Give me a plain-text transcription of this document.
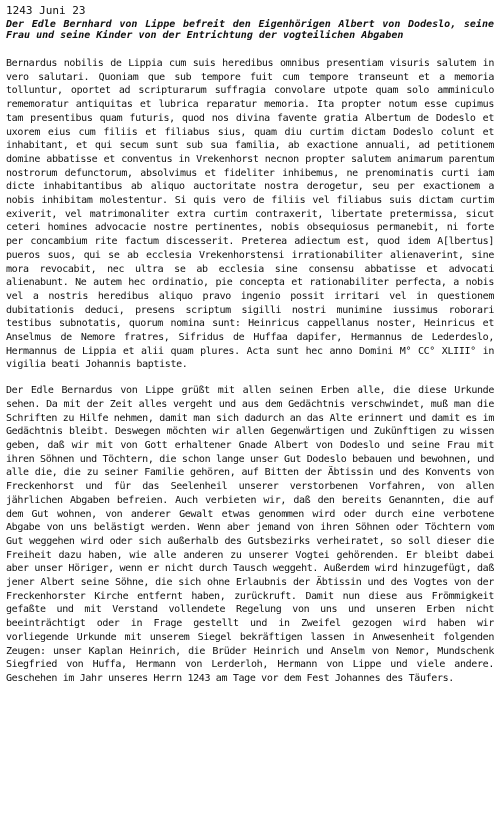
1243 Juni 23
Der Edle Bernhard von Lippe befreit den Eigenhörigen Albert von Dodeslo, seine Frau und seine Kinder von der Entrichtung der vogteilichen Abgaben

Bernardus nobilis de Lippia cum suis heredibus omnibus presentiam visuris salutem in vero salutari. Quoniam que sub tempore fuit cum tempore transeunt et a memoria tolluntur, oportet ad scripturarum suffragia convolare utpote quam solo amminiculo rememoratur antiquitas et lubrica reparatur memoria. Ita propter notum esse cupimus tam presentibus quam futuris, quod nos divina favente gratia Albertum de Dodeslo et uxorem eius cum filiis et filiabus sius, quam diu curtim dictam Dodeslo colunt et inhabitant, et qui secum sunt sub sua familia, ab exactione annuali, ad petitionem domine abbatisse et conventus in Vrekenhorst necnon propter salutem animarum parentum nostrorum defunctorum, absolvimus et fideliter inhibemus, ne prenominatis curti iam dicte inhabitantibus ab aliquo auctoritate nostra derogetur, seu per exactionem a nobis inhibitam molestentur. Si quis vero de filiis vel filiabus suis dictam curtim exiverit, vel matrimonaliter extra curtim contraxerit, libertate pretermissa, sicut ceteri homines advocacie nostre pertinentes, nobis obsequiosus permanebit, ni forte per concambium rite factum discesserit. Preterea adiectum est, quod idem A[lbertus] pueros suos, qui se ab ecclesia Vrekenhorstensi irrationabiliter alienaverint, sine mora revocabit, nec ultra se ab ecclesia sine consensu abbatisse et advocati alienabunt. Ne autem hec ordinatio, pie concepta et rationabiliter perfecta, a nobis vel a nostris heredibus aliquo pravo ingenio possit irritari vel in questionem dubitationis deduci, presens scriptum sigilli nostri munimine iussimus roborari testibus subnotatis, quorum nomina sunt: Heinricus cappellanus noster, Heinricus et Anselmus de Nemore fratres, Sifridus de Huffaa dapifer, Hermannus de Lederdeslo, Hermannus de Lippia et alii quam plures. Acta sunt hec anno Domini M° CC° XLIII° in vigilia beati Johannis baptiste.

Der Edle Bernardus von Lippe grüßt mit allen seinen Erben alle, die diese Urkunde sehen. Da mit der Zeit alles vergeht und aus dem Gedächtnis verschwindet, muß man die Schriften zu Hilfe nehmen, damit man sich dadurch an das Alte erinnert und damit es im Gedächtnis bleibt. Deswegen möchten wir allen Gegenwärtigen und Zukünftigen zu wissen geben, daß wir mit von Gott erhaltener Gnade Albert von Dodeslo und seine Frau mit ihren Söhnen und Töchtern, die schon lange unser Gut Dodeslo bebauen und bewohnen, und alle die, die zu seiner Familie gehören, auf Bitten der Äbtissin und des Konvents von Freckenhorst und für das Seelenheil unserer verstorbenen Vorfahren, von allen jährlichen Abgaben befreien. Auch verbieten wir, daß den bereits Genannten, die auf dem Gut wohnen, von anderer Gewalt etwas genommen wird oder durch eine verbotene Abgabe von uns belästigt werden. Wenn aber jemand von ihren Söhnen oder Töchtern vom Gut weggehen wird oder sich außerhalb des Gutsbezirks verheiratet, so soll dieser die Freiheit dazu haben, wie alle anderen zu unserer Vogtei gehörenden. Er bleibt dabei aber unser Höriger, wenn er nicht durch Tausch weggeht. Außerdem wird hinzugefügt, daß jener Albert seine Söhne, die sich ohne Erlaubnis der Äbtissin und des Vogtes von der Freckenhorster Kirche entfernt haben, zurückruft. Damit nun diese aus Frömmigkeit gefaßte und mit Verstand vollendete Regelung von uns und unseren Erben nicht beeinträchtigt oder in Frage gestellt und in Zweifel gezogen wird haben wir vorliegende Urkunde mit unserem Siegel bekräftigen lassen in Anwesenheit folgenden Zeugen: unser Kaplan Heinrich, die Brüder Heinrich und Anselm von Nemor, Mundschenk Siegfried von Huffa, Hermann von Lerderloh, Hermann von Lippe und viele andere. Geschehen im Jahr unseres Herrn 1243 am Tage vor dem Fest Johannes des Täufers.
